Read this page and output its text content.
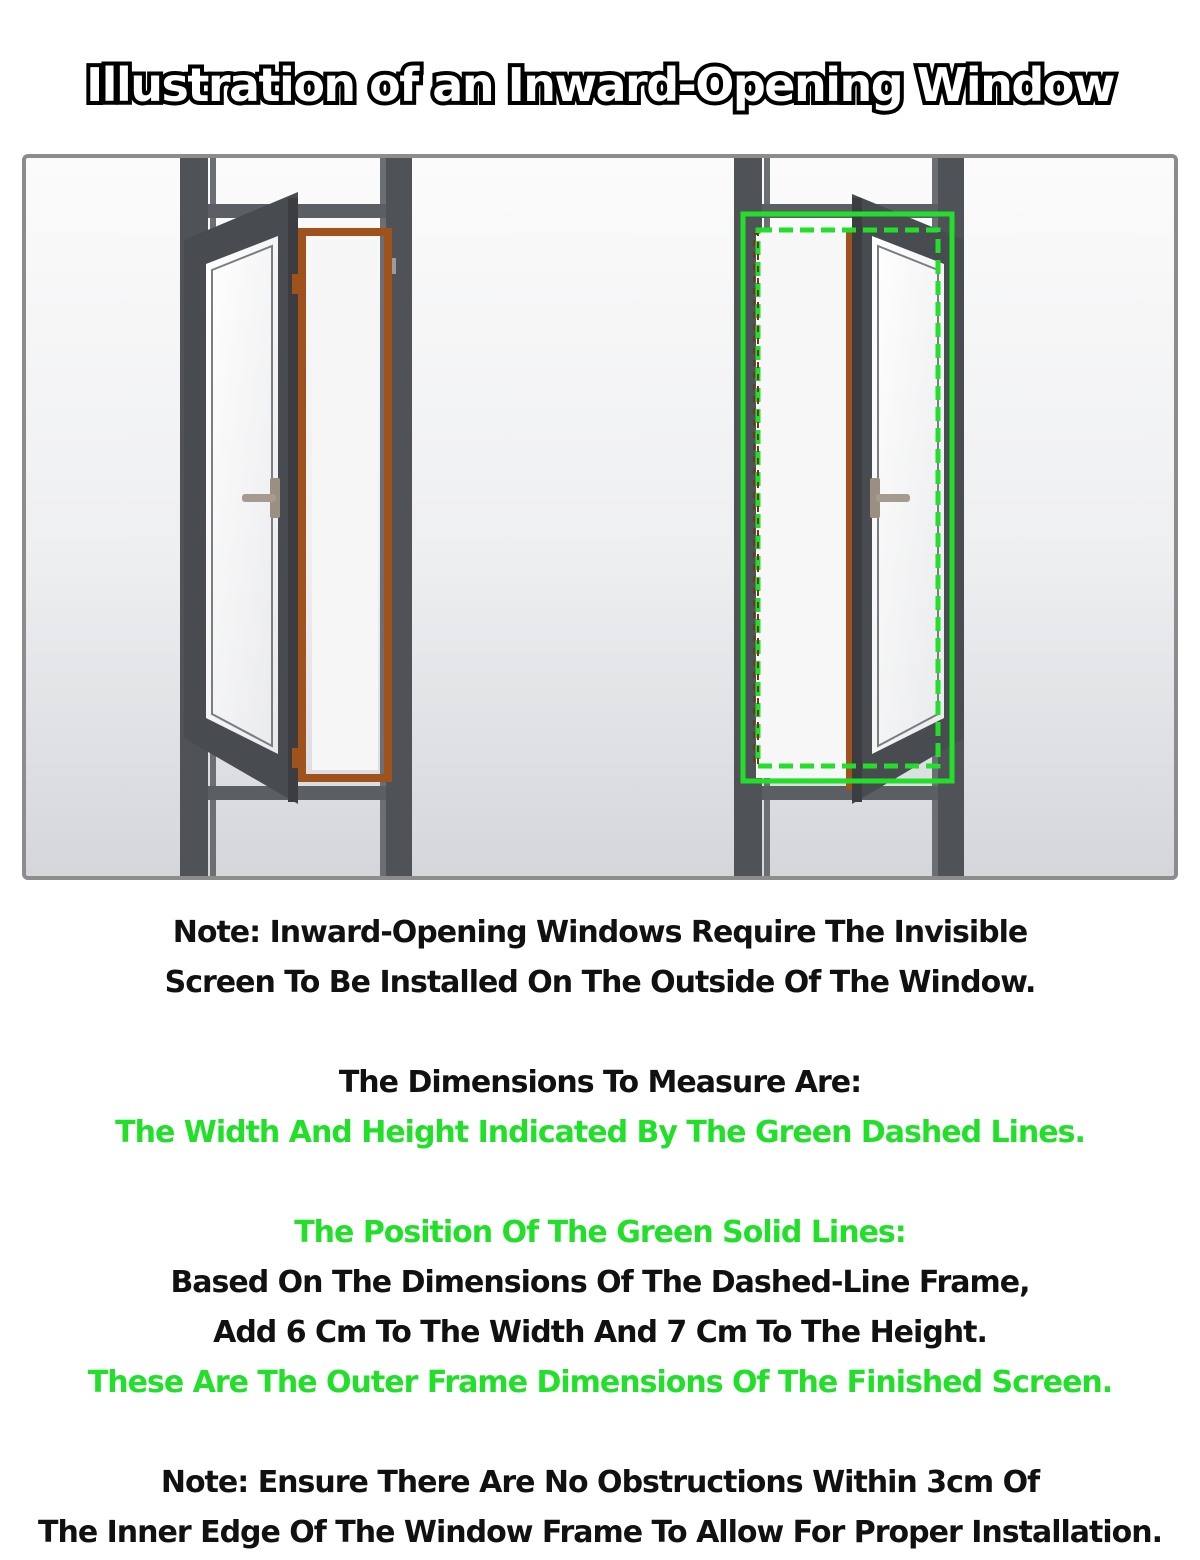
Illustration of an Inward-Opening Window

Note: Inward-Opening Windows Require The Invisible

Screen To Be Installed On The Outside Of The Window.

The Dimensions To Measure Are:

The Width And Height Indicated By The Green Dashed Lines.

The Position Of The Green Solid Lines:

Based On The Dimensions Of The Dashed-Line Frame,

Add 6 Cm To The Width And 7 Cm To The Height.

These Are The Outer Frame Dimensions Of The Finished Screen.

Note: Ensure There Are No Obstructions Within 3cm Of

The Inner Edge Of The Window Frame To Allow For Proper Installation.
